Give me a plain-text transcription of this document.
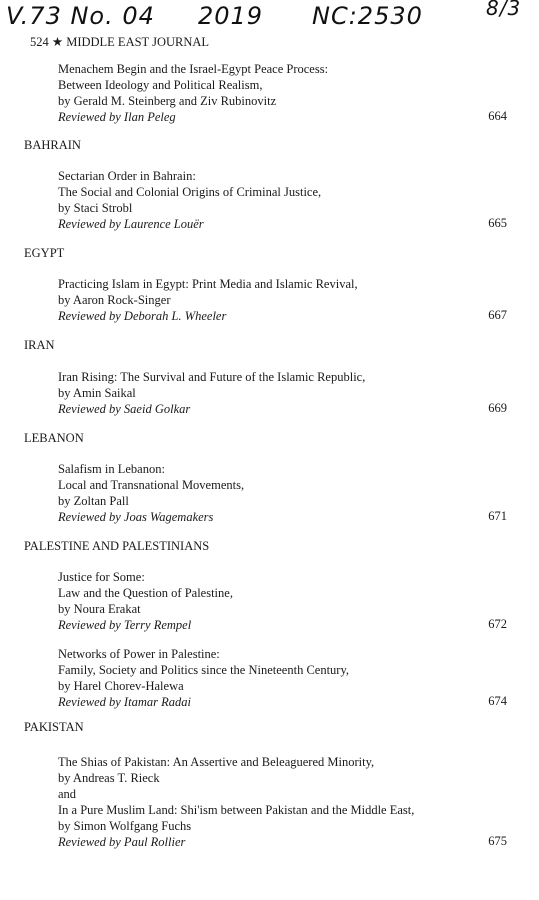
V.73 No. 04 2019 NC:2530	8/3
524 ★ MIDDLE EAST JOURNAL
Menachem Begin and the Israel-Egypt Peace Process:
Between Ideology and Political Realism,
by Gerald M. Steinberg and Ziv Rubinovitz
Reviewed by Ilan Peleg	664
BAHRAIN
Sectarian Order in Bahrain:
The Social and Colonial Origins of Criminal Justice,
by Staci Strobl
Reviewed by Laurence Louër	665
EGYPT
Practicing Islam in Egypt: Print Media and Islamic Revival,
by Aaron Rock-Singer
Reviewed by Deborah L. Wheeler	667
IRAN
Iran Rising: The Survival and Future of the Islamic Republic,
by Amin Saikal
Reviewed by Saeid Golkar	669
LEBANON
Salafism in Lebanon:
Local and Transnational Movements,
by Zoltan Pall
Reviewed by Joas Wagemakers	671
PALESTINE AND PALESTINIANS
Justice for Some:
Law and the Question of Palestine,
by Noura Erakat
Reviewed by Terry Rempel	672
Networks of Power in Palestine:
Family, Society and Politics since the Nineteenth Century,
by Harel Chorev-Halewa
Reviewed by Itamar Radai	674
PAKISTAN
The Shias of Pakistan: An Assertive and Beleaguered Minority,
by Andreas T. Rieck
and
In a Pure Muslim Land: Shi'ism between Pakistan and the Middle East,
by Simon Wolfgang Fuchs
Reviewed by Paul Rollier	675
